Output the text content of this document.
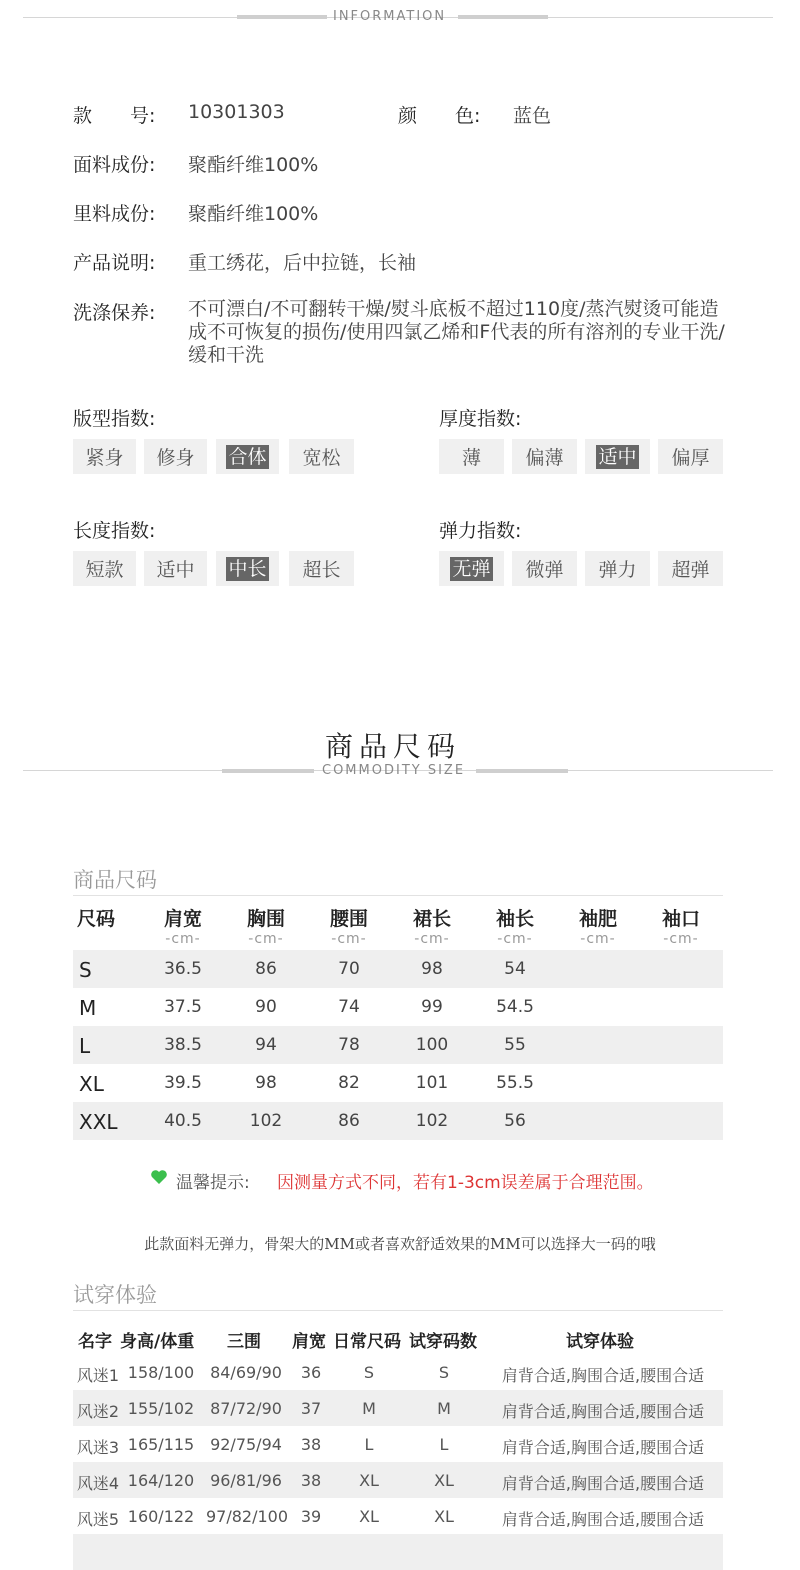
INFORMATION
款　　号: 10301303	颜　　色: 蓝色
面料成份: 聚酯纤维100%
里料成份: 聚酯纤维100%
产品说明: 重工绣花，后中拉链，长袖
洗涤保养: 不可漂白/不可翻转干燥/熨斗底板不超过110度/蒸汽熨烫可能造成不可恢复的损伤/使用四氯乙烯和F代表的所有溶剂的专业干洗/缓和干洗
版型指数:
紧身 修身 合体 宽松
厚度指数:
薄 偏薄 适中 偏厚
长度指数:
短款 适中 中长 超长
弹力指数:
无弹 微弹 弹力 超弹
商品尺码
COMMODITY SIZE
商品尺码
尺码	肩宽	胸围	腰围	裙长	袖长	袖肥	袖口
-cm-	-cm-	-cm-	-cm-	-cm-	-cm-	-cm-
S	36.5	86	70	98	54
M	37.5	90	74	99	54.5
L	38.5	94	78	100	55
XL	39.5	98	82	101	55.5
XXL	40.5	102	86	102	56
温馨提示: 因测量方式不同，若有1-3cm误差属于合理范围。
此款面料无弹力，骨架大的MM或者喜欢舒适效果的MM可以选择大一码的哦
试穿体验
名字 身高/体重 三围 肩宽 日常尺码 试穿码数	试穿体验
风迷1 158/100 84/69/90	36	S	S	肩背合适,胸围合适,腰围合适
风迷2 155/102 87/72/90	37	M	M	肩背合适,胸围合适,腰围合适
风迷3 165/115 92/75/94	38	L	L	肩背合适,胸围合适,腰围合适
风迷4 164/120 96/81/96	38	XL	XL	肩背合适,胸围合适,腰围合适
风迷5 160/122 97/82/100 39	XL	XL	肩背合适,胸围合适,腰围合适
